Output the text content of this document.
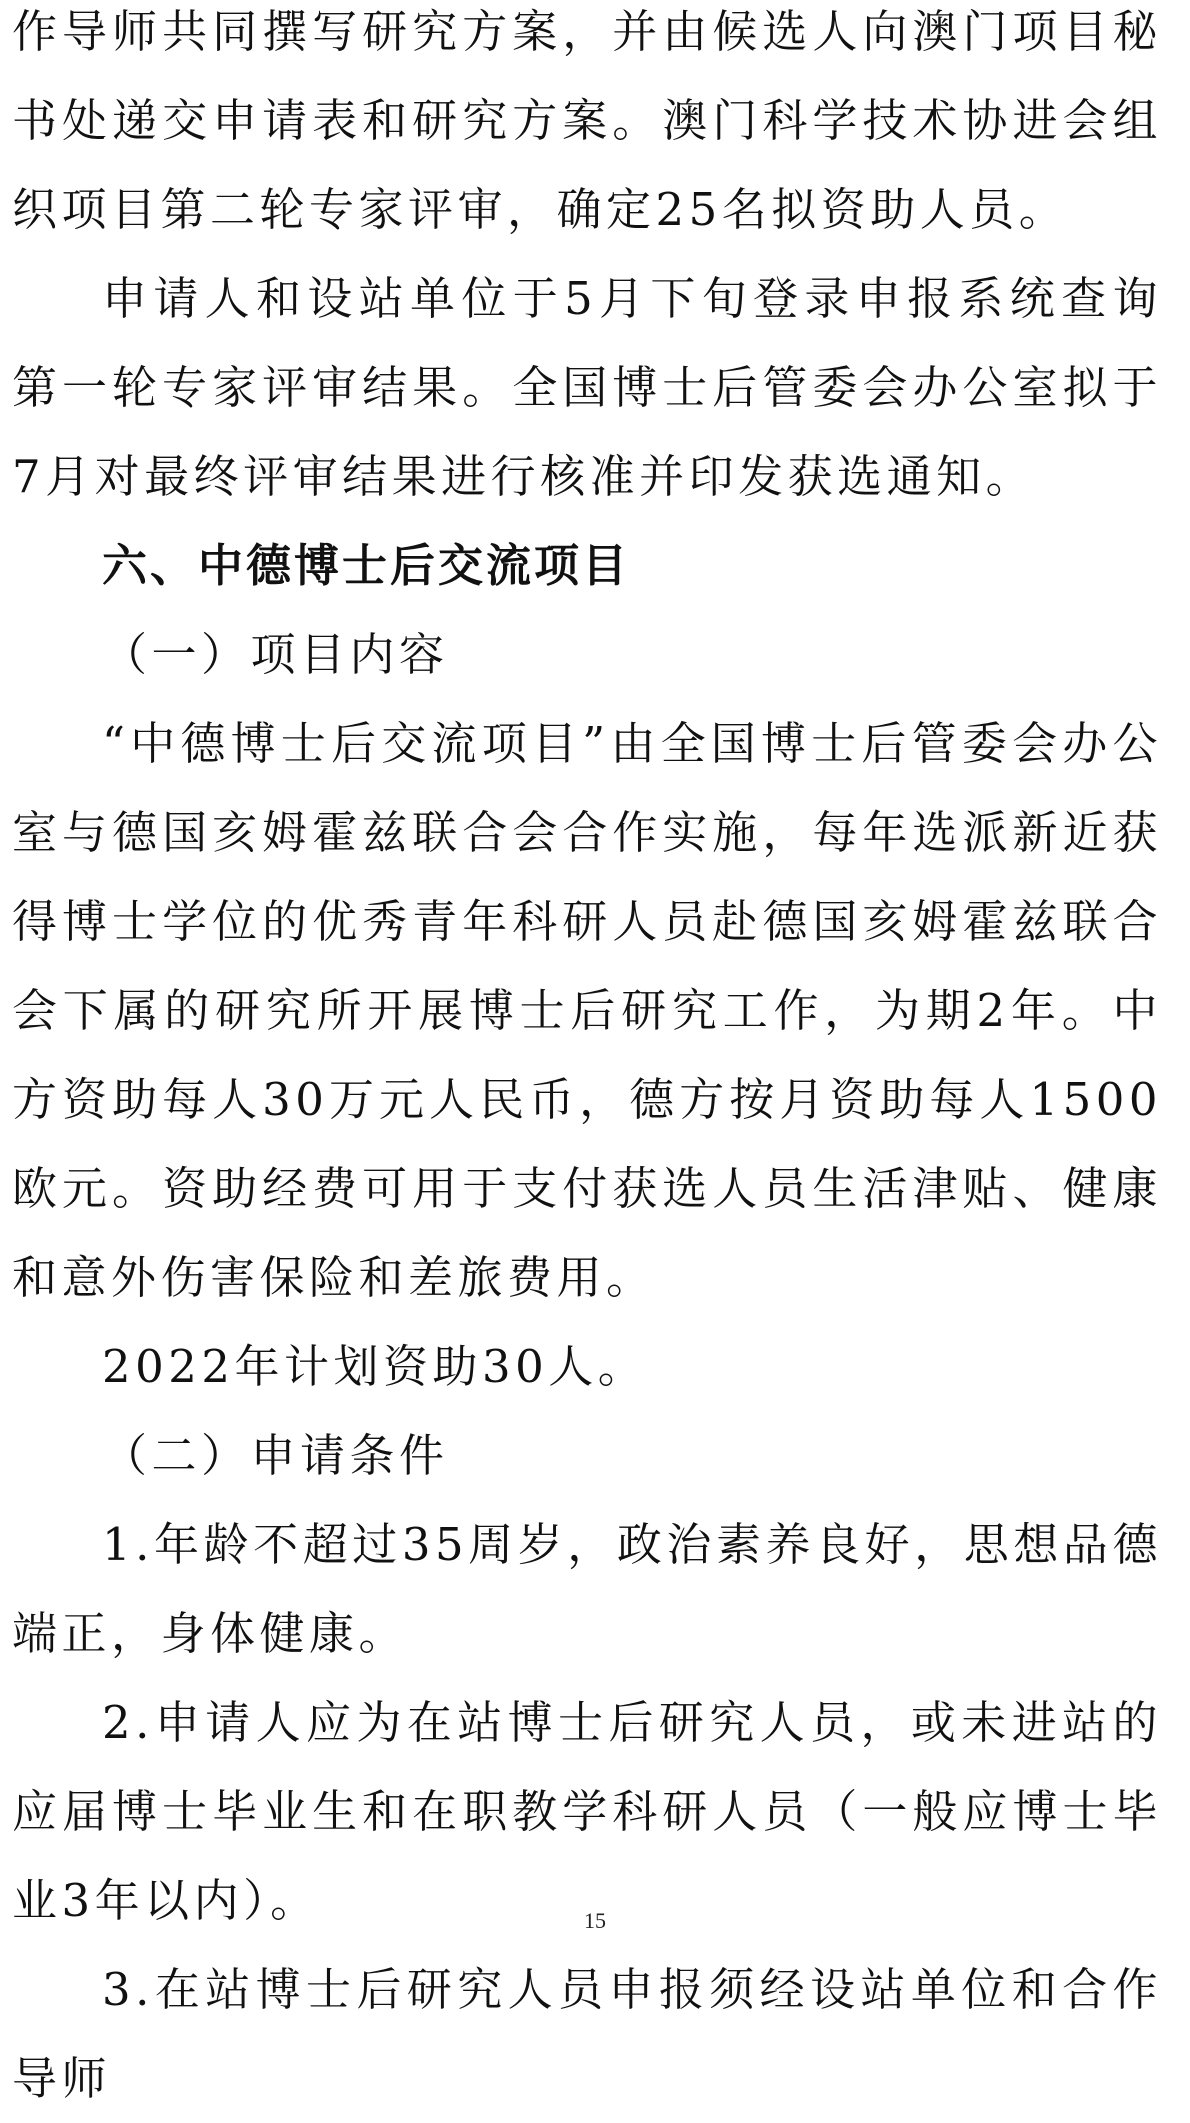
作导师共同撰写研究方案，并由候选人向澳门项目秘书处递交申请表和研究方案。澳门科学技术协进会组织项目第二轮专家评审，确定25名拟资助人员。

申请人和设站单位于5月下旬登录申报系统查询第一轮专家评审结果。全国博士后管委会办公室拟于7月对最终评审结果进行核准并印发获选通知。

六、中德博士后交流项目

（一）项目内容

“中德博士后交流项目”由全国博士后管委会办公室与德国亥姆霍兹联合会合作实施，每年选派新近获得博士学位的优秀青年科研人员赴德国亥姆霍兹联合会下属的研究所开展博士后研究工作，为期2年。中方资助每人30万元人民币，德方按月资助每人1500欧元。资助经费可用于支付获选人员生活津贴、健康和意外伤害保险和差旅费用。

2022年计划资助30人。

（二）申请条件

1.年龄不超过35周岁，政治素养良好，思想品德端正，身体健康。

2.申请人应为在站博士后研究人员，或未进站的应届博士毕业生和在职教学科研人员（一般应博士毕业3年以内）。

3.在站博士后研究人员申报须经设站单位和合作导师

15
